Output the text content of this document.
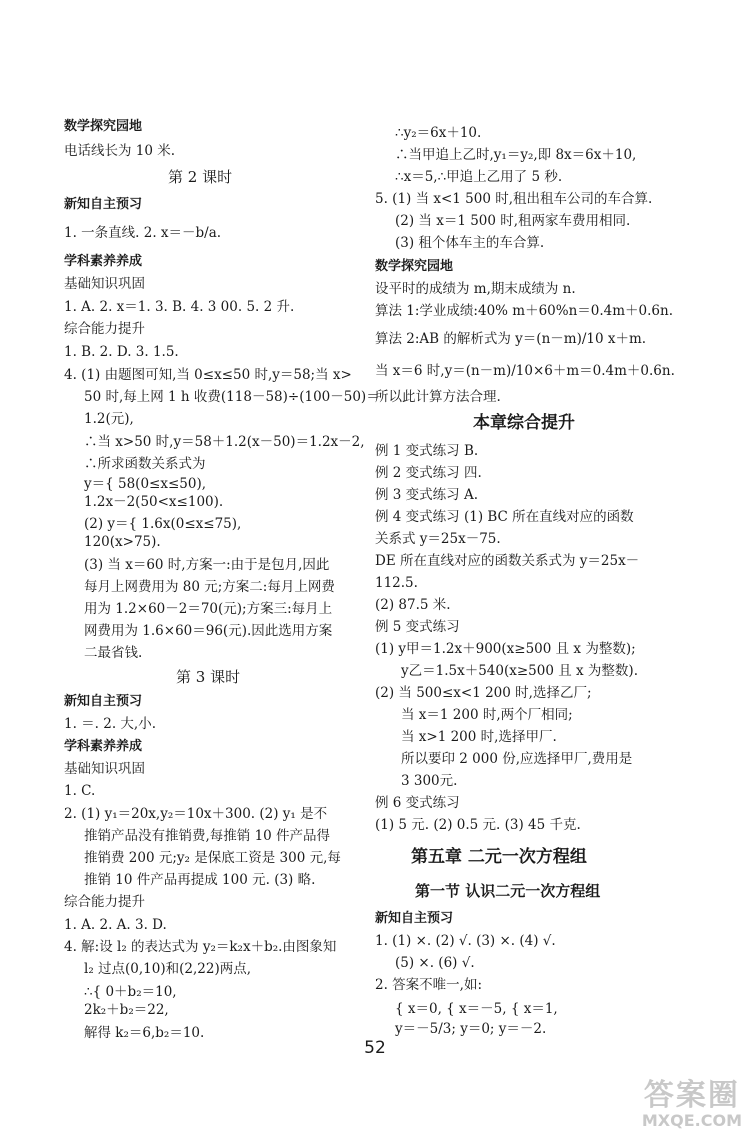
数学探究园地
电话线长为 10 米.
第 2 课时
新知自主预习
1. 一条直线. 2. x＝－b/a.
学科素养养成
基础知识巩固
1. A. 2. x＝1. 3. B. 4. 3 00. 5. 2 升.
综合能力提升
1. B. 2. D. 3. 1.5.
4. (1) 由题图可知,当 0≤x≤50 时,y＝58;当 x>
50 时,每上网 1 h 收费(118－58)÷(100－50)＝
1.2(元),
∴当 x>50 时,y＝58＋1.2(x－50)＝1.2x－2,
∴所求函数关系式为
y＝{ 58(0≤x≤50),
1.2x－2(50<x≤100).
(2) y＝{ 1.6x(0≤x≤75),
120(x>75).
(3) 当 x＝60 时,方案一:由于是包月,因此
每月上网费用为 80 元;方案二:每月上网费
用为 1.2×60－2＝70(元);方案三:每月上
网费用为 1.6×60＝96(元).因此选用方案
二最省钱.
第 3 课时
新知自主预习
1. ＝. 2. 大,小.
学科素养养成
基础知识巩固
1. C.
2. (1) y₁＝20x,y₂＝10x＋300. (2) y₁ 是不
推销产品没有推销费,每推销 10 件产品得
推销费 200 元;y₂ 是保底工资是 300 元,每
推销 10 件产品再提成 100 元. (3) 略.
综合能力提升
1. A. 2. A. 3. D.
4. 解:设 l₂ 的表达式为 y₂＝k₂x＋b₂.由图象知
l₂ 过点(0,10)和(2,22)两点,
∴{ 0＋b₂＝10,
2k₂＋b₂＝22,
解得 k₂＝6,b₂＝10.
∴y₂＝6x＋10.
∴当甲追上乙时,y₁＝y₂,即 8x＝6x＋10,
∴x＝5,∴甲追上乙用了 5 秒.
5. (1) 当 x<1 500 时,租出租车公司的车合算.
(2) 当 x＝1 500 时,租两家车费用相同.
(3) 租个体车主的车合算.
数学探究园地
设平时的成绩为 m,期末成绩为 n.
算法 1:学业成绩:40% m＋60%n＝0.4m＋0.6n.
算法 2:AB 的解析式为 y＝(n－m)/10 x＋m.
当 x＝6 时,y＝(n－m)/10×6＋m＝0.4m＋0.6n.
所以此计算方法合理.
本章综合提升
例 1 变式练习 B.
例 2 变式练习 四.
例 3 变式练习 A.
例 4 变式练习 (1) BC 所在直线对应的函数
关系式 y＝25x－75.
DE 所在直线对应的函数关系式为 y＝25x－
112.5.
(2) 87.5 米.
例 5 变式练习
(1) y甲＝1.2x＋900(x≥500 且 x 为整数);
y乙＝1.5x＋540(x≥500 且 x 为整数).
(2) 当 500≤x<1 200 时,选择乙厂;
当 x＝1 200 时,两个厂相同;
当 x>1 200 时,选择甲厂.
所以要印 2 000 份,应选择甲厂,费用是
3 300元.
例 6 变式练习
(1) 5 元. (2) 0.5 元. (3) 45 千克.
第五章 二元一次方程组
第一节 认识二元一次方程组
新知自主预习
1. (1) ×. (2) √. (3) ×. (4) √.
(5) ×. (6) √.
2. 答案不唯一,如:
{ x＝0, { x＝－5, { x＝1,
y＝－5/3; y＝0; y＝－2.
52
答案圈
MXQE.COM
